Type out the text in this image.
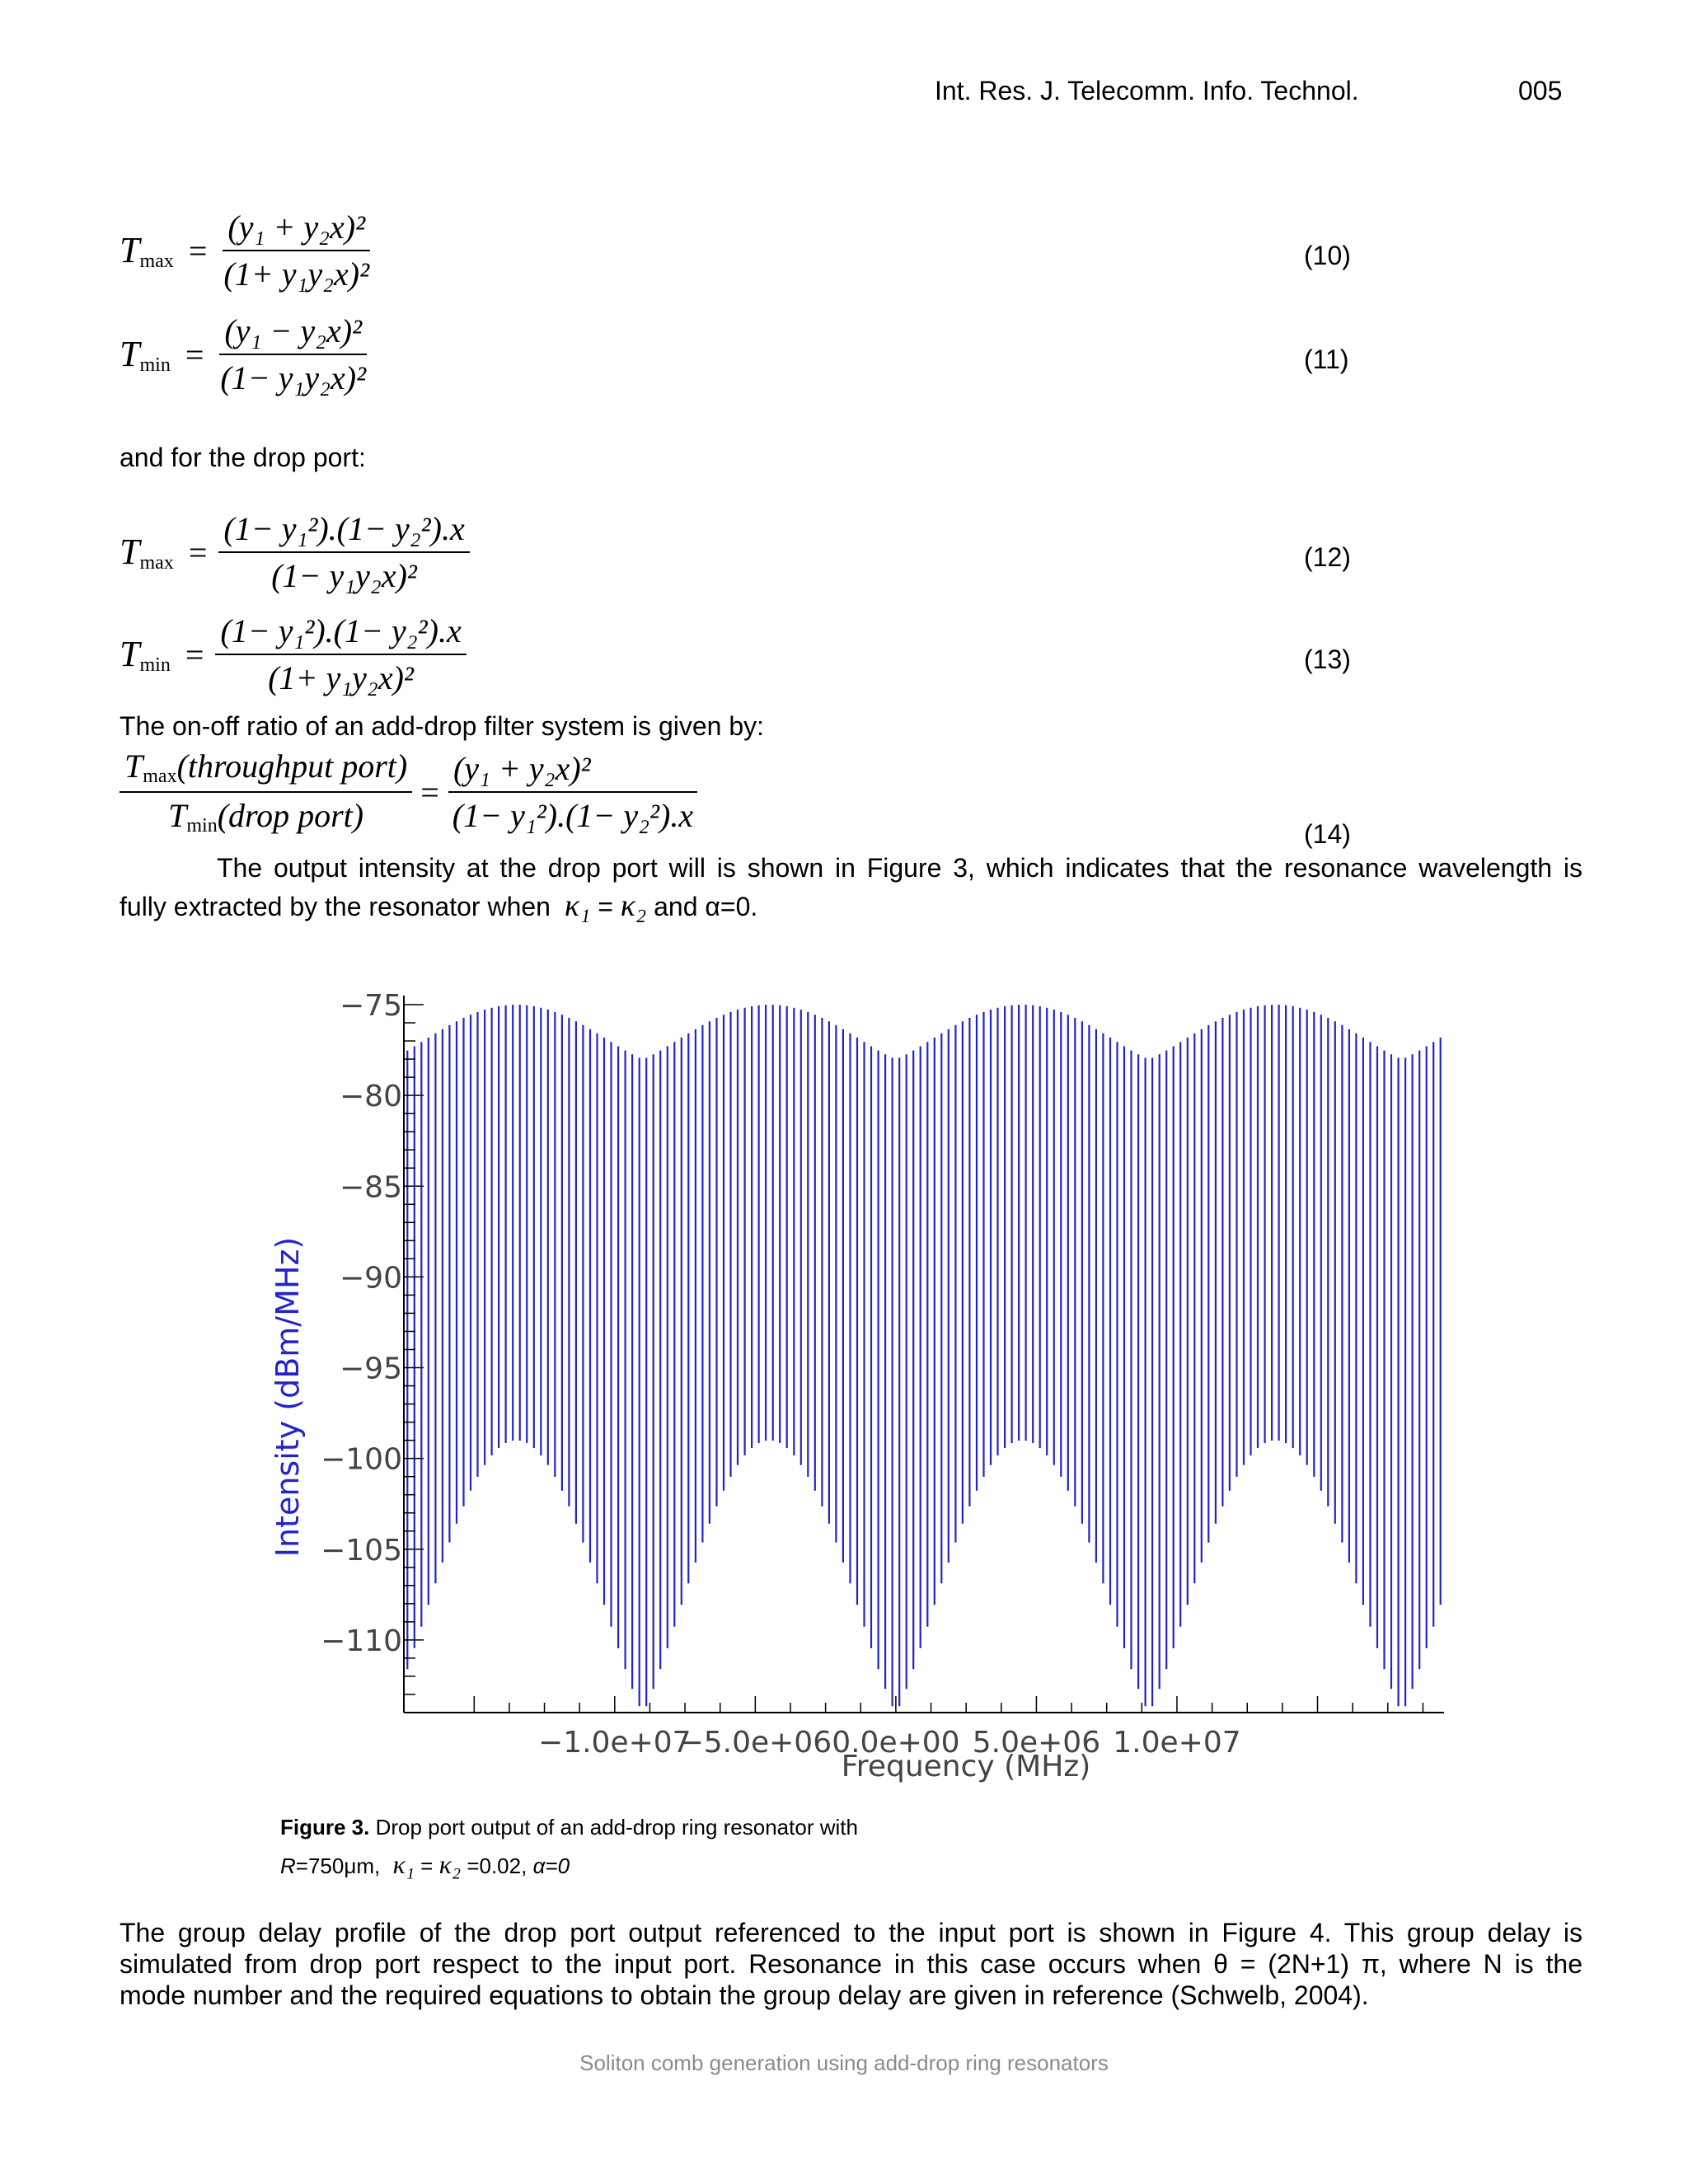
Int. Res. J. Telecomm. Info. Technol.	005
$T_{max} = \frac{\text{(y₁ + y₂x)²}}{\text{(1+ y₁y₂x)²}}$	(10)
$T_{min} = \frac{\text{(y₁ − y₂x)²}}{\text{(1− y₁y₂x)²}}$	(11)
and for the drop port:
$T_{max} = \frac{\text{(1− y₁²).(1− y₂²).x}}{\text{(1− y₁y₂x)²}}$	(12)
$T_{min} = \frac{\text{(1− y₁²).(1− y₂²).x}}{\text{(1+ y₁y₂x)²}}$	(13)
The on-off ratio of an add-drop filter system is given by:
$\frac{T_{max}(throughput port)}{T_{min}(drop port)} = \frac{\text{(y₁ + y₂x)²}}{\text{(1− y₁²).(1− y₂²).x}}$	(14)
The output intensity at the drop port will is shown in Figure 3, which indicates that the resonance wavelength is
fully extracted by the resonator when κ₁ = κ₂ and α=0.
−1.0e+07
−5.0e+06 0.0e+00 5.0e+06 1.0e+07
−75
−80
−85
−90
−95
−100
−105
−110
Intensity (dBm/MHz)
Frequency (MHz)
Figure 3. Drop port output of an add-drop ring resonator with
R=750μm, κ₁ = κ₂ =0.02, α=0
The group delay profile of the drop port output referenced to the input port is shown in Figure 4. This group delay is
simulated from drop port respect to the input port. Resonance in this case occurs when θ = (2N+1) π, where N is the
mode number and the required equations to obtain the group delay are given in reference (Schwelb, 2004).
Soliton comb generation using add-drop ring resonators
